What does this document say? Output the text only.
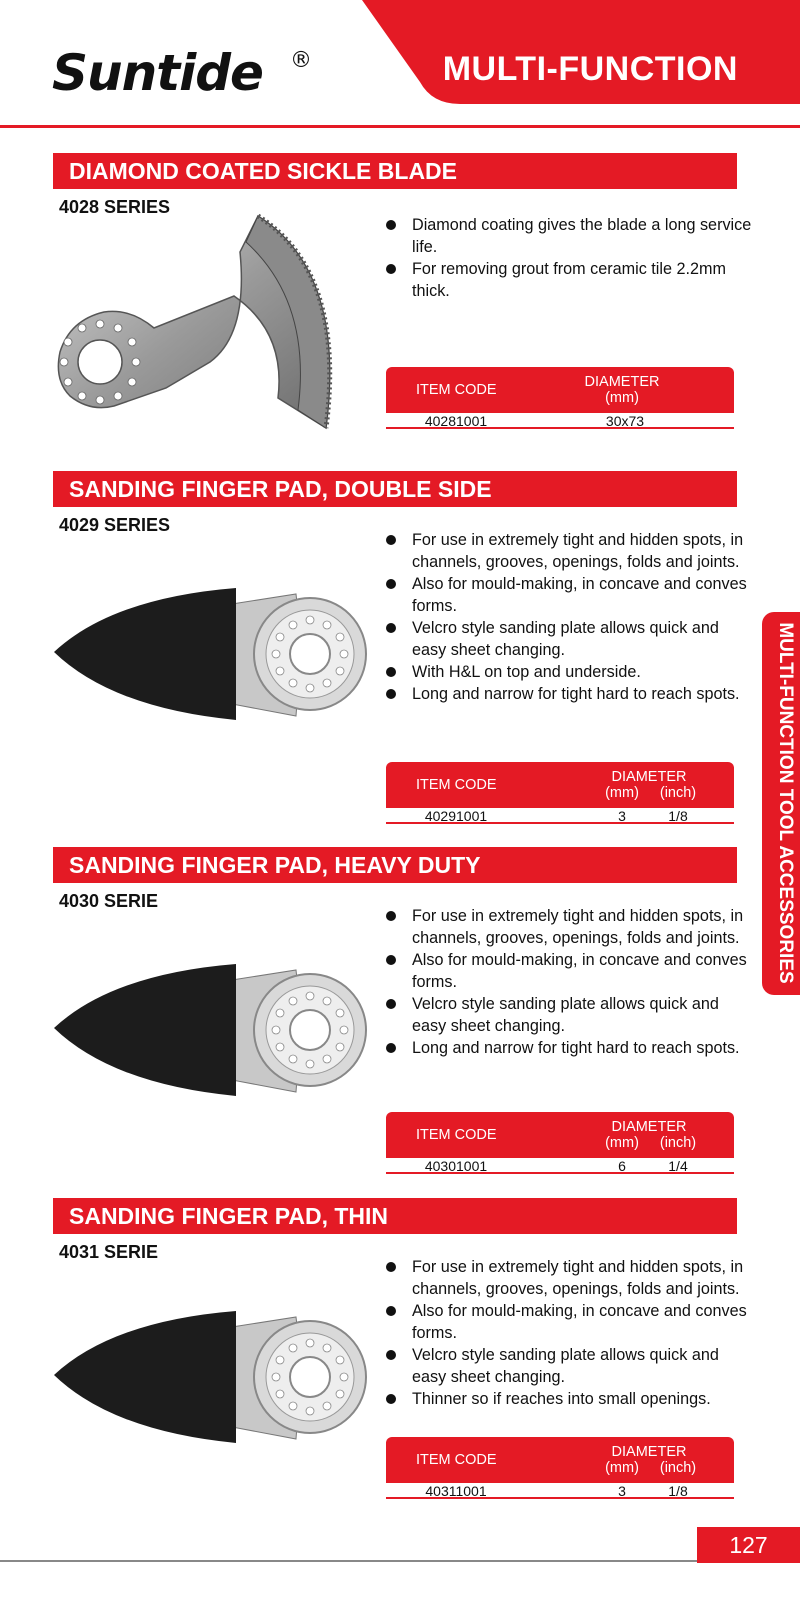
Suntide ®	MULTI-FUNCTION
MULTI-FUNCTION TOOL ACCESSORIES
DIAMOND COATED SICKLE BLADE
4028 SERIES
Diamond coating gives the blade a long service life.
For removing grout from ceramic tile 2.2mm thick.
ITEM CODE	DIAMETER
(mm)
40281001	30x73
SANDING FINGER PAD, DOUBLE SIDE
4029 SERIES
For use in extremely tight and hidden spots, in channels, grooves, openings, folds and joints.
Also for mould-making, in concave and conves forms.
Velcro style sanding plate allows quick and easy sheet changing.
With H&L on top and underside.
Long and narrow for tight hard to reach spots.
ITEM CODE	DIAMETER
(mm) (inch)
40291001	3	1/8
SANDING FINGER PAD, HEAVY DUTY
4030 SERIE
For use in extremely tight and hidden spots, in channels, grooves, openings, folds and joints.
Also for mould-making, in concave and conves forms.
Velcro style sanding plate allows quick and easy sheet changing.
Long and narrow for tight hard to reach spots.
ITEM CODE	DIAMETER
(mm) (inch)
40301001	6	1/4
SANDING FINGER PAD, THIN
4031 SERIE
For use in extremely tight and hidden spots, in channels, grooves, openings, folds and joints.
Also for mould-making, in concave and conves forms.
Velcro style sanding plate allows quick and easy sheet changing.
Thinner so if reaches into small openings.
ITEM CODE	DIAMETER
(mm) (inch)
40311001	3	1/8
127
